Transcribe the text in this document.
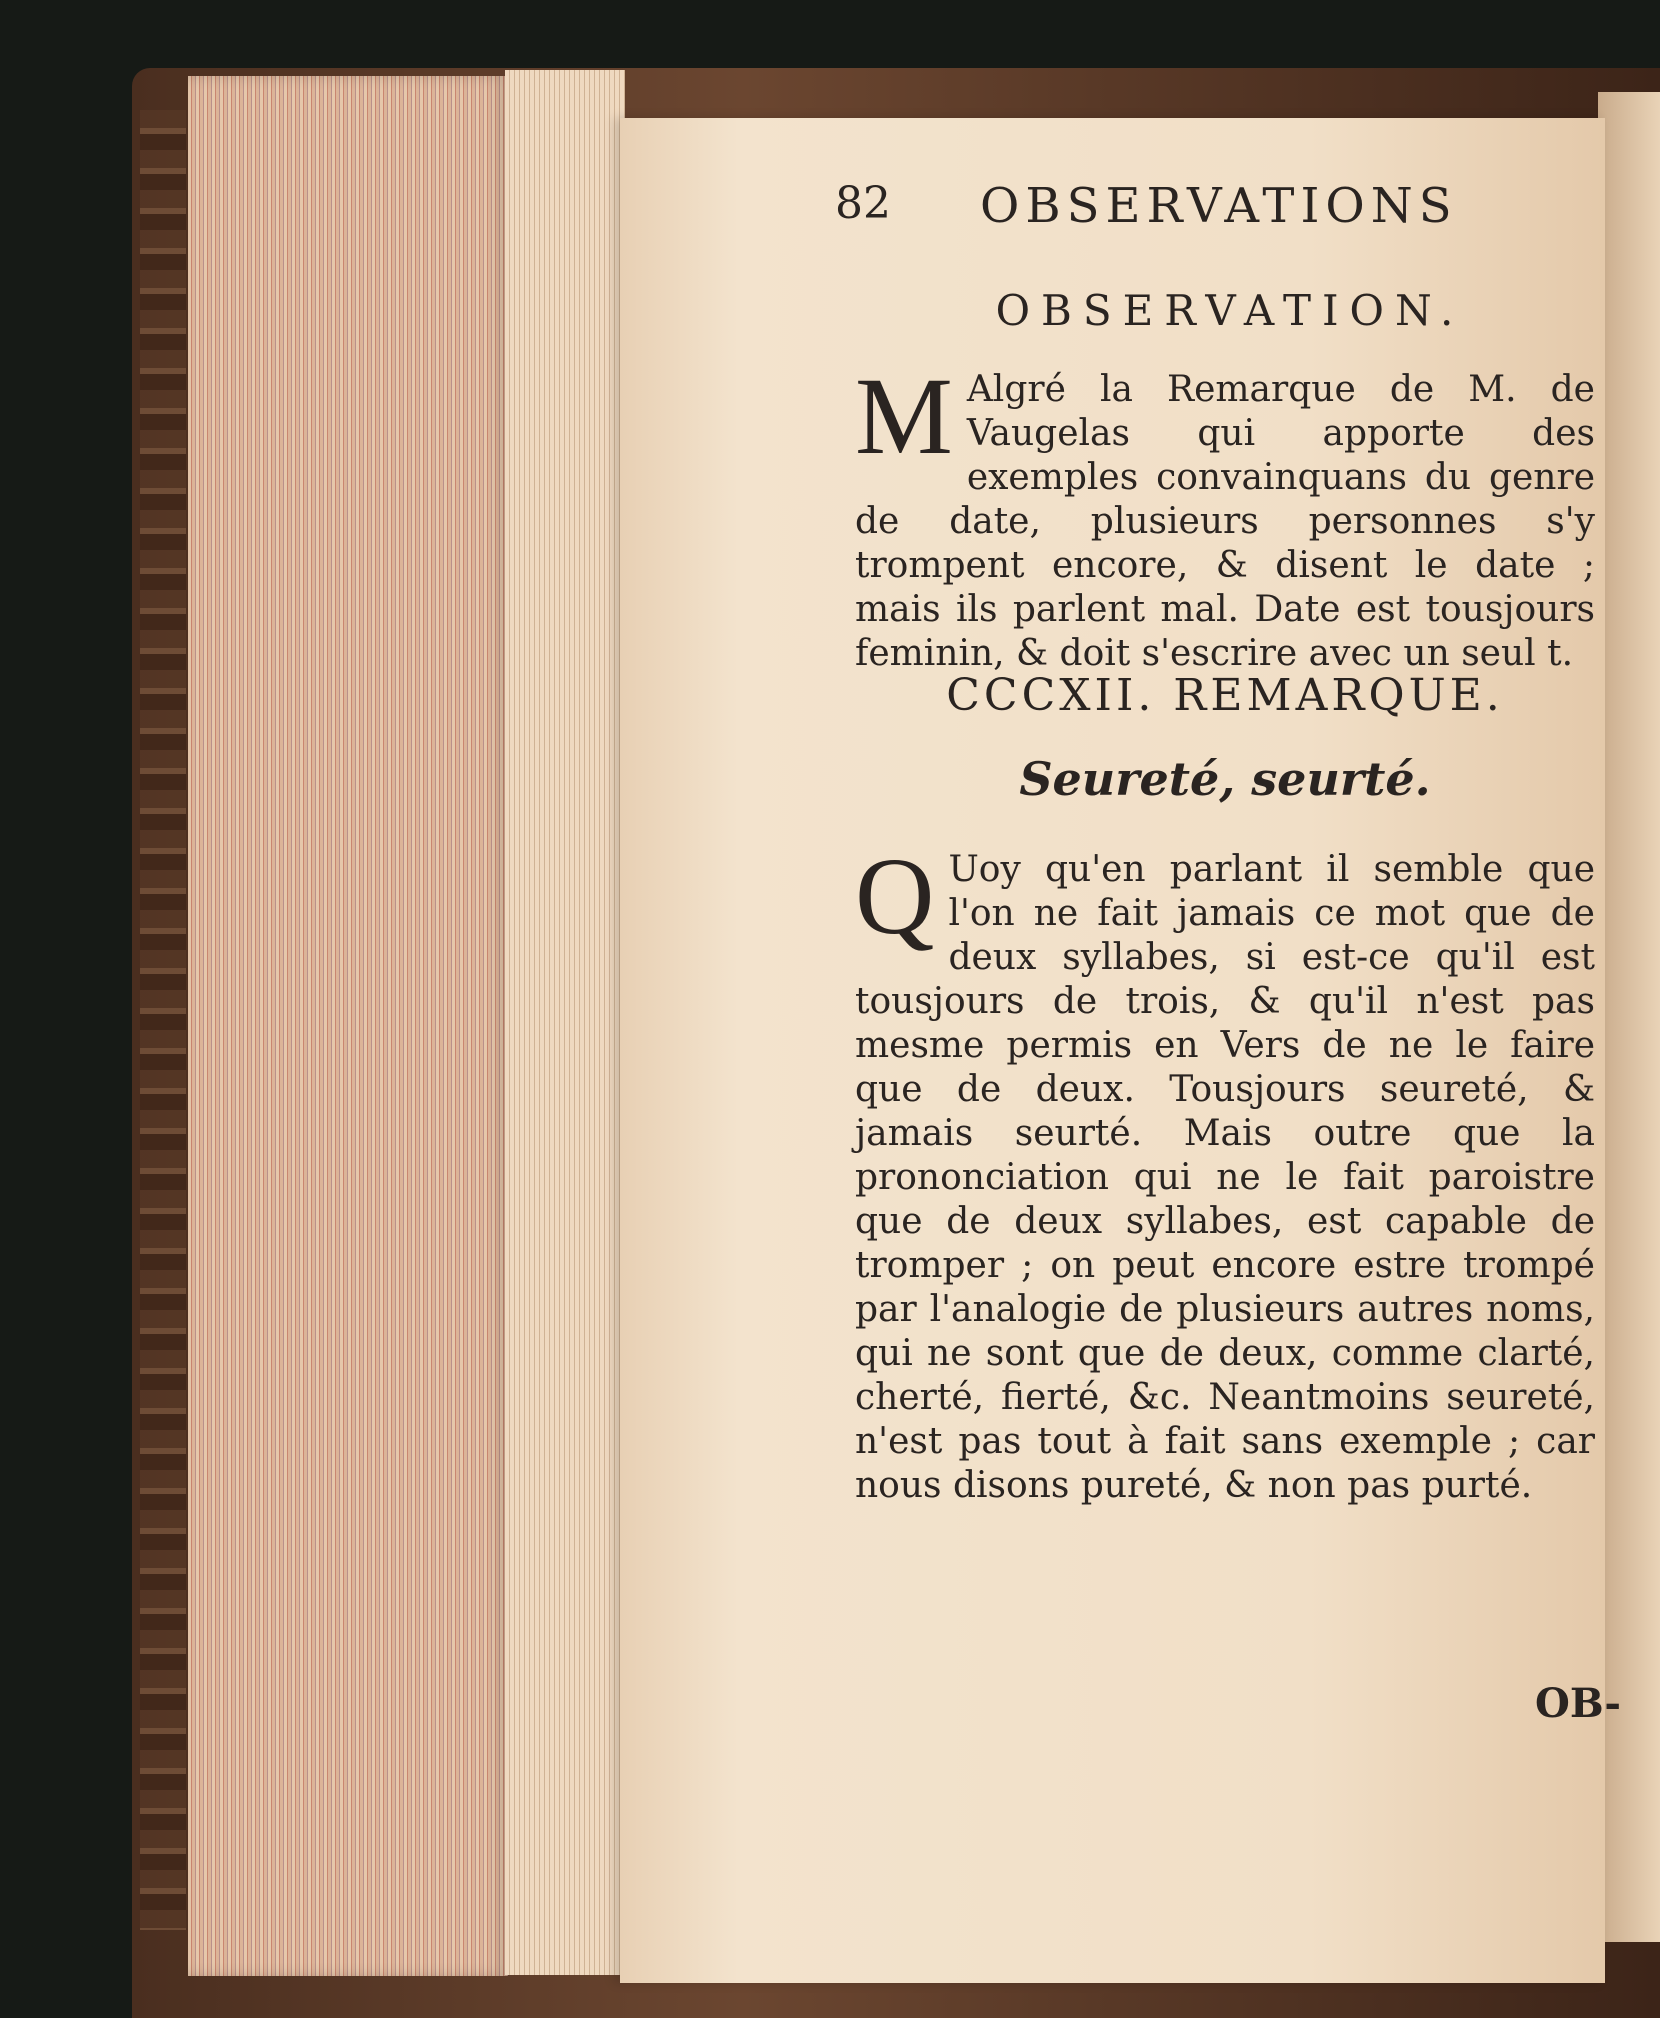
82 OBSERVATIONS
OBSERVATION.
M Algré la Remarque de M. de Vaugelas qui apporte des exemples convainquans du genre de date, plusieurs personnes s'y trompent encore, & disent le date ; mais ils parlent mal. Date est tousjours feminin, & doit s'escrire avec un seul t.
CCCXII. REMARQUE.
Seureté, seurté.
Q Uoy qu'en parlant il semble que l'on ne fait jamais ce mot que de deux syllabes, si est-ce qu'il est tousjours de trois, & qu'il n'est pas mesme permis en Vers de ne le faire que de deux. Tousjours seureté, & jamais seurté. Mais outre que la prononciation qui ne le fait paroistre que de deux syllabes, est capable de tromper ; on peut encore estre trompé par l'analogie de plusieurs autres noms, qui ne sont que de deux, comme clarté, cherté, fierté, &c. Neantmoins seureté, n'est pas tout à fait sans exemple ; car nous disons pureté, & non pas purté.
OB-
